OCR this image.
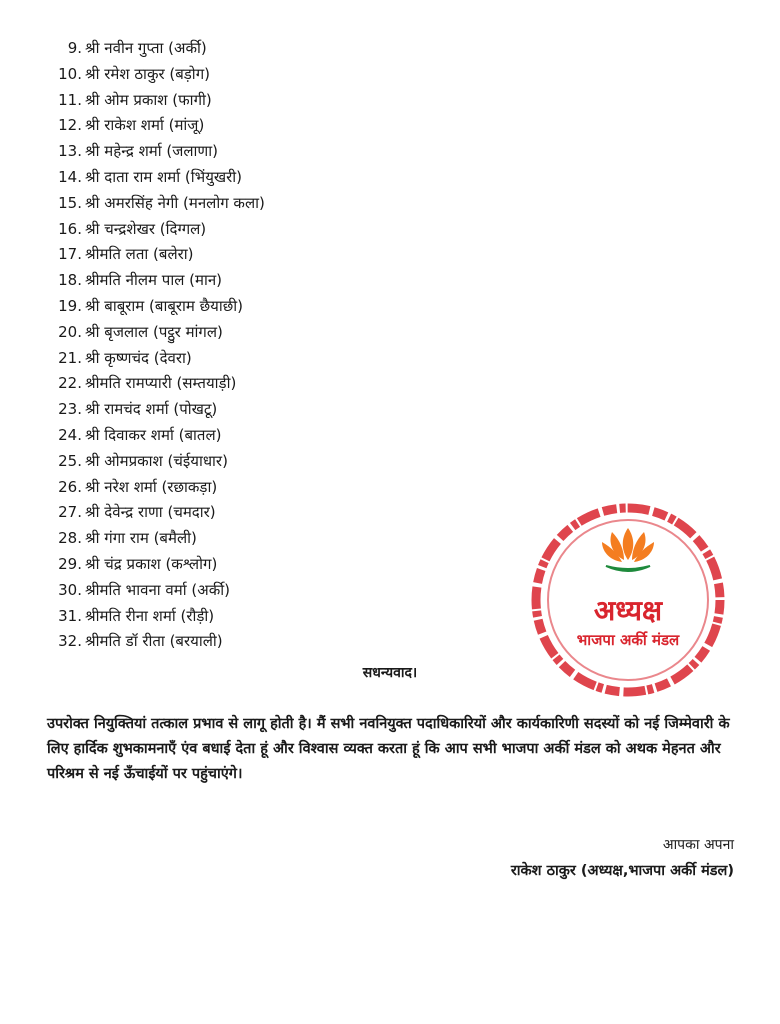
9. श्री नवीन गुप्ता (अर्की)
10. श्री रमेश ठाकुर (बड़ोग)
11. श्री ओम प्रकाश (फागी)
12. श्री राकेश शर्मा (मांजू)
13. श्री महेन्द्र शर्मा (जलाणा)
14. श्री दाता राम शर्मा (भिंयुखरी)
15. श्री अमरसिंह नेगी (मनलोग कला)
16. श्री चन्द्रशेखर (दिग्गल)
17. श्रीमति लता (बलेरा)
18. श्रीमति नीलम पाल (मान)
19. श्री बाबूराम (बाबूराम छैयाछी)
20. श्री बृजलाल (पट्ठुर मांगल)
21. श्री कृष्णचंद (देवरा)
22. श्रीमति रामप्यारी (सम्तयाड़ी)
23. श्री रामचंद शर्मा (पोखटू)
24. श्री दिवाकर शर्मा (बातल)
25. श्री ओमप्रकाश (चंईयाधार)
26. श्री नरेश शर्मा (रछाकड़ा)
27. श्री देवेन्द्र राणा (चमदार)
28. श्री गंगा राम (बमैली)
29. श्री चंद्र प्रकाश (कश्लोग)
30. श्रीमति भावना वर्मा (अर्की)
31. श्रीमति रीना शर्मा (रौड़ी)
32. श्रीमति डॉ रीता (बरयाली)
सधन्यवाद।
उपरोक्त नियुक्तियां तत्काल प्रभाव से लागू होती है। मैं सभी नवनियुक्त पदाधिकारियों और कार्यकारिणी सदस्यों को नई जिम्मेवारी के लिए हार्दिक शुभकामनाएँ एंव बधाई देता हूं और विश्वास व्यक्त करता हूं कि आप सभी भाजपा अर्की मंडल को अथक मेहनत और परिश्रम से नई ऊँचाईयों पर पहुंचाएंगे।
आपका अपना
राकेश ठाकुर (अध्यक्ष,भाजपा अर्की मंडल)
अध्यक्ष
भाजपा अर्की मंडल
